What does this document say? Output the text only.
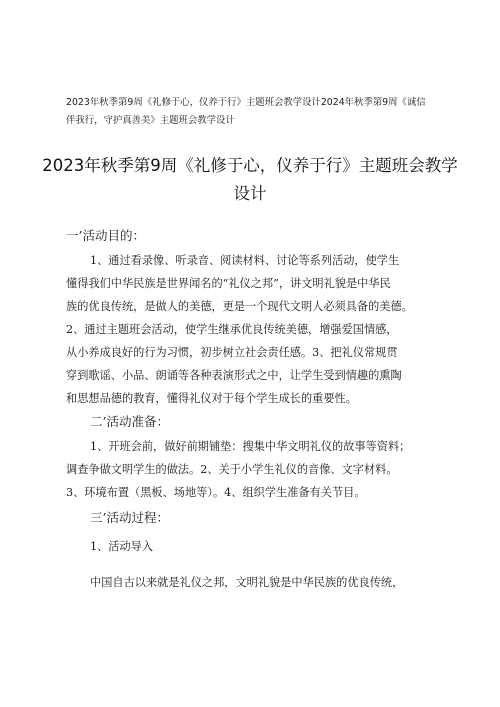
2023年秋季第9周《礼修于心，仪养于行》主题班会教学设计2024年秋季第9周《诚信
伴我行，守护真善美》主题班会教学设计
2023年秋季第9周《礼修于心，仪养于行》主题班会教学
设计
一’活动目的：
1、通过看录像、听录音、阅读材料、讨论等系列活动，使学生
懂得我们中华民族是世界闻名的“礼仪之邦”，讲文明礼貌是中华民
族的优良传统，是做人的美德，更是一个现代文明人必须具备的美德。
2、通过主题班会活动，使学生继承优良传统美德，增强爱国情感，
从小养成良好的行为习惯，初步树立社会责任感。3、把礼仪常规贯
穿到歌谣、小品、朗诵等各种表演形式之中，让学生受到情趣的熏陶
和思想品德的教育，懂得礼仪对于每个学生成长的重要性。
二’活动准备：
1、开班会前，做好前期铺垫：搜集中华文明礼仪的故事等资料；
调查争做文明学生的做法。2、关于小学生礼仪的音像、文字材料。
3、环境布置（黑板、场地等）。4、组织学生准备有关节目。
三’活动过程：
1、活动导入
中国自古以来就是礼仪之邦，文明礼貌是中华民族的优良传统，
